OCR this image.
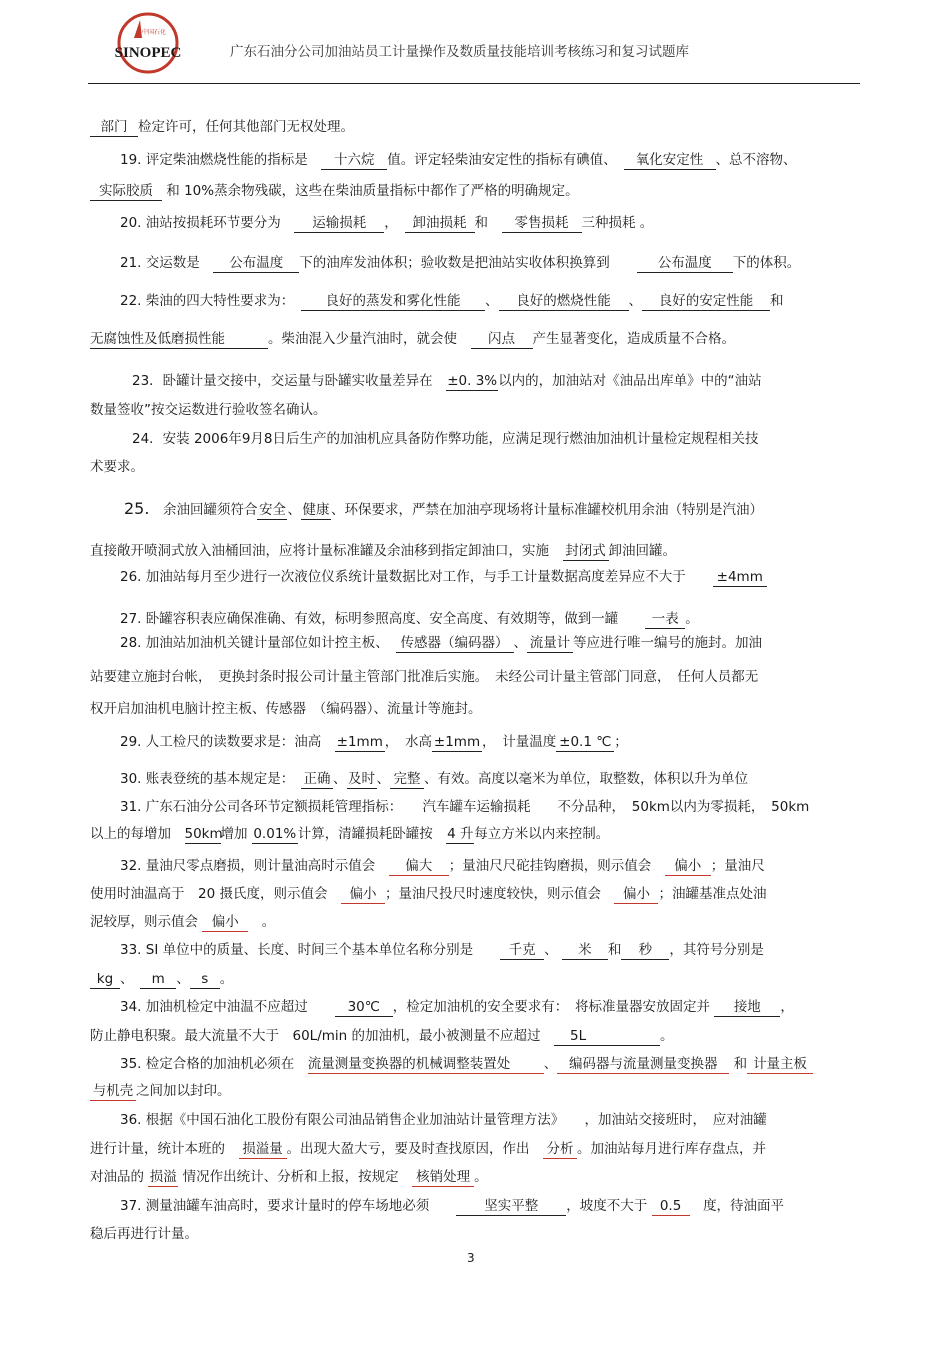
SINOPEC
中国石化
广东石油分公司加油站员工计量操作及数质量技能培训考核练习和复习试题库
部门 检定许可，任何其他部门无权处理。
19. 评定柴油燃烧性能的指标是　 十六烷 值。评定轻柴油安定性的指标有碘值、　 氧化安定性 、总不溶物、
实际胶质 和 10%蒸余物残碳，这些在柴油质量指标中都作了严格的明确规定。
20. 油站按损耗环节要分为　 运输损耗 ，　 卸油损耗 和　 零售损耗 三种损耗 。
21. 交运数是　 公布温度 下的油库发油体积；验收数是把油站实收体积换算到　　	公布温度 下的体积。
22. 柴油的四大特性要求为：　	良好的蒸发和雾化性能 、 良好的燃烧性能 、 良好的安定性能 和
无腐蚀性及低磨损性能	。柴油混入少量汽油时，就会使　 闪点 产生显著变化，造成质量不合格。
23．卧罐计量交接中，交运量与卧罐实收量差异在　 ±0. 3%以内的，加油站对《油品出库单》中的“油站
数量签收”按交运数进行验收签名确认。
24．安装 2006年9月8日后生产的加油机应具备防作弊功能，应满足现行燃油加油机计量检定规程相关技
术要求。
25.　 余油回罐须符合 安全 、 健康 、环保要求，严禁在加油亭现场将计量标准罐校机用余油（特别是汽油）
直接敞开喷洞式放入油桶回油，应将计量标准罐及余油移到指定卸油口，实施　 封闭式 卸油回罐。
26. 加油站每月至少进行一次液位仪系统计量数据比对工作，与手工计量数据高度差异应不大于　　 ±4mm
27. 卧罐容积表应确保准确、有效，标明参照高度、安全高度、有效期等，做到一罐　　 一表 。
28. 加油站加油机关键计量部位如计控主板、　 传感器（编码器） 、 流量计 等应进行唯一编号的施封。加油
站要建立施封台帐，　更换封条时报公司计量主管部门批准后实施。　未经公司计量主管部门同意，　任何人员都无
权开启加油机电脑计控主板、传感器　（编码器）、流量计等施封。
29. 人工检尺的读数要求是：油高　 ±1mm ，　水高 ±1mm ，　计量温度 ±0.1 ℃ ；
30. 账表登统的基本规定是：　 正确 、 及时 、 完整 、有效。高度以毫米为单位，取整数，体积以升为单位
31. 广东石油分公司各环节定额损耗管理指标：　　汽车罐车运输损耗　　不分品种，　50km以内为零损耗，　50km
以上的每增加　 50km增加 0.01% 计算，清罐损耗卧罐按　 4 升每立方米以内来控制。
32. 量油尺零点磨损，则计量油高时示值会　 偏大 ；量油尺尺砣挂钩磨损，则示值会　 偏小 ；量油尺
使用时油温高于　20 摄氏度，则示值会　 偏小 ；量油尺投尺时速度较快，则示值会　 偏小 ；油罐基准点处油
泥较厚，则示值会 偏小　 。
33. SI 单位中的质量、长度、时间三个基本单位名称分别是　　	千克 、 米 和 秒 ，其符号分别是
kg 、　 m 、 s 。
34. 加油机检定中油温不应超过　　	30℃ ，检定加油机的安全要求有：　将标准量器安放固定并 接地 ，
防止静电积聚。最大流量不大于　60L/min 的加油机，最小被测量不应超过　 5L	。
35. 检定合格的加油机必须在　 流量测量变换器的机械调整装置处 、 编码器与流量测量变换器 和 计量主板
与机壳 之间加以封印。
36. 根据《中国石油化工股份有限公司油品销售企业加油站计量管理方法》　　，加油站交接班时，　应对油罐
进行计量，统计本班的　 损溢量 。出现大盈大亏，要及时查找原因，作出　 分析 。加油站每月进行库存盘点，并
对油品的 损溢 情况作出统计、分析和上报，按规定　 核销处理 。
37. 测量油罐车油高时，要求计量时的停车场地必须　　	坚实平整 ，坡度不大于 0.5　 度，待油面平
稳后再进行计量。
3
